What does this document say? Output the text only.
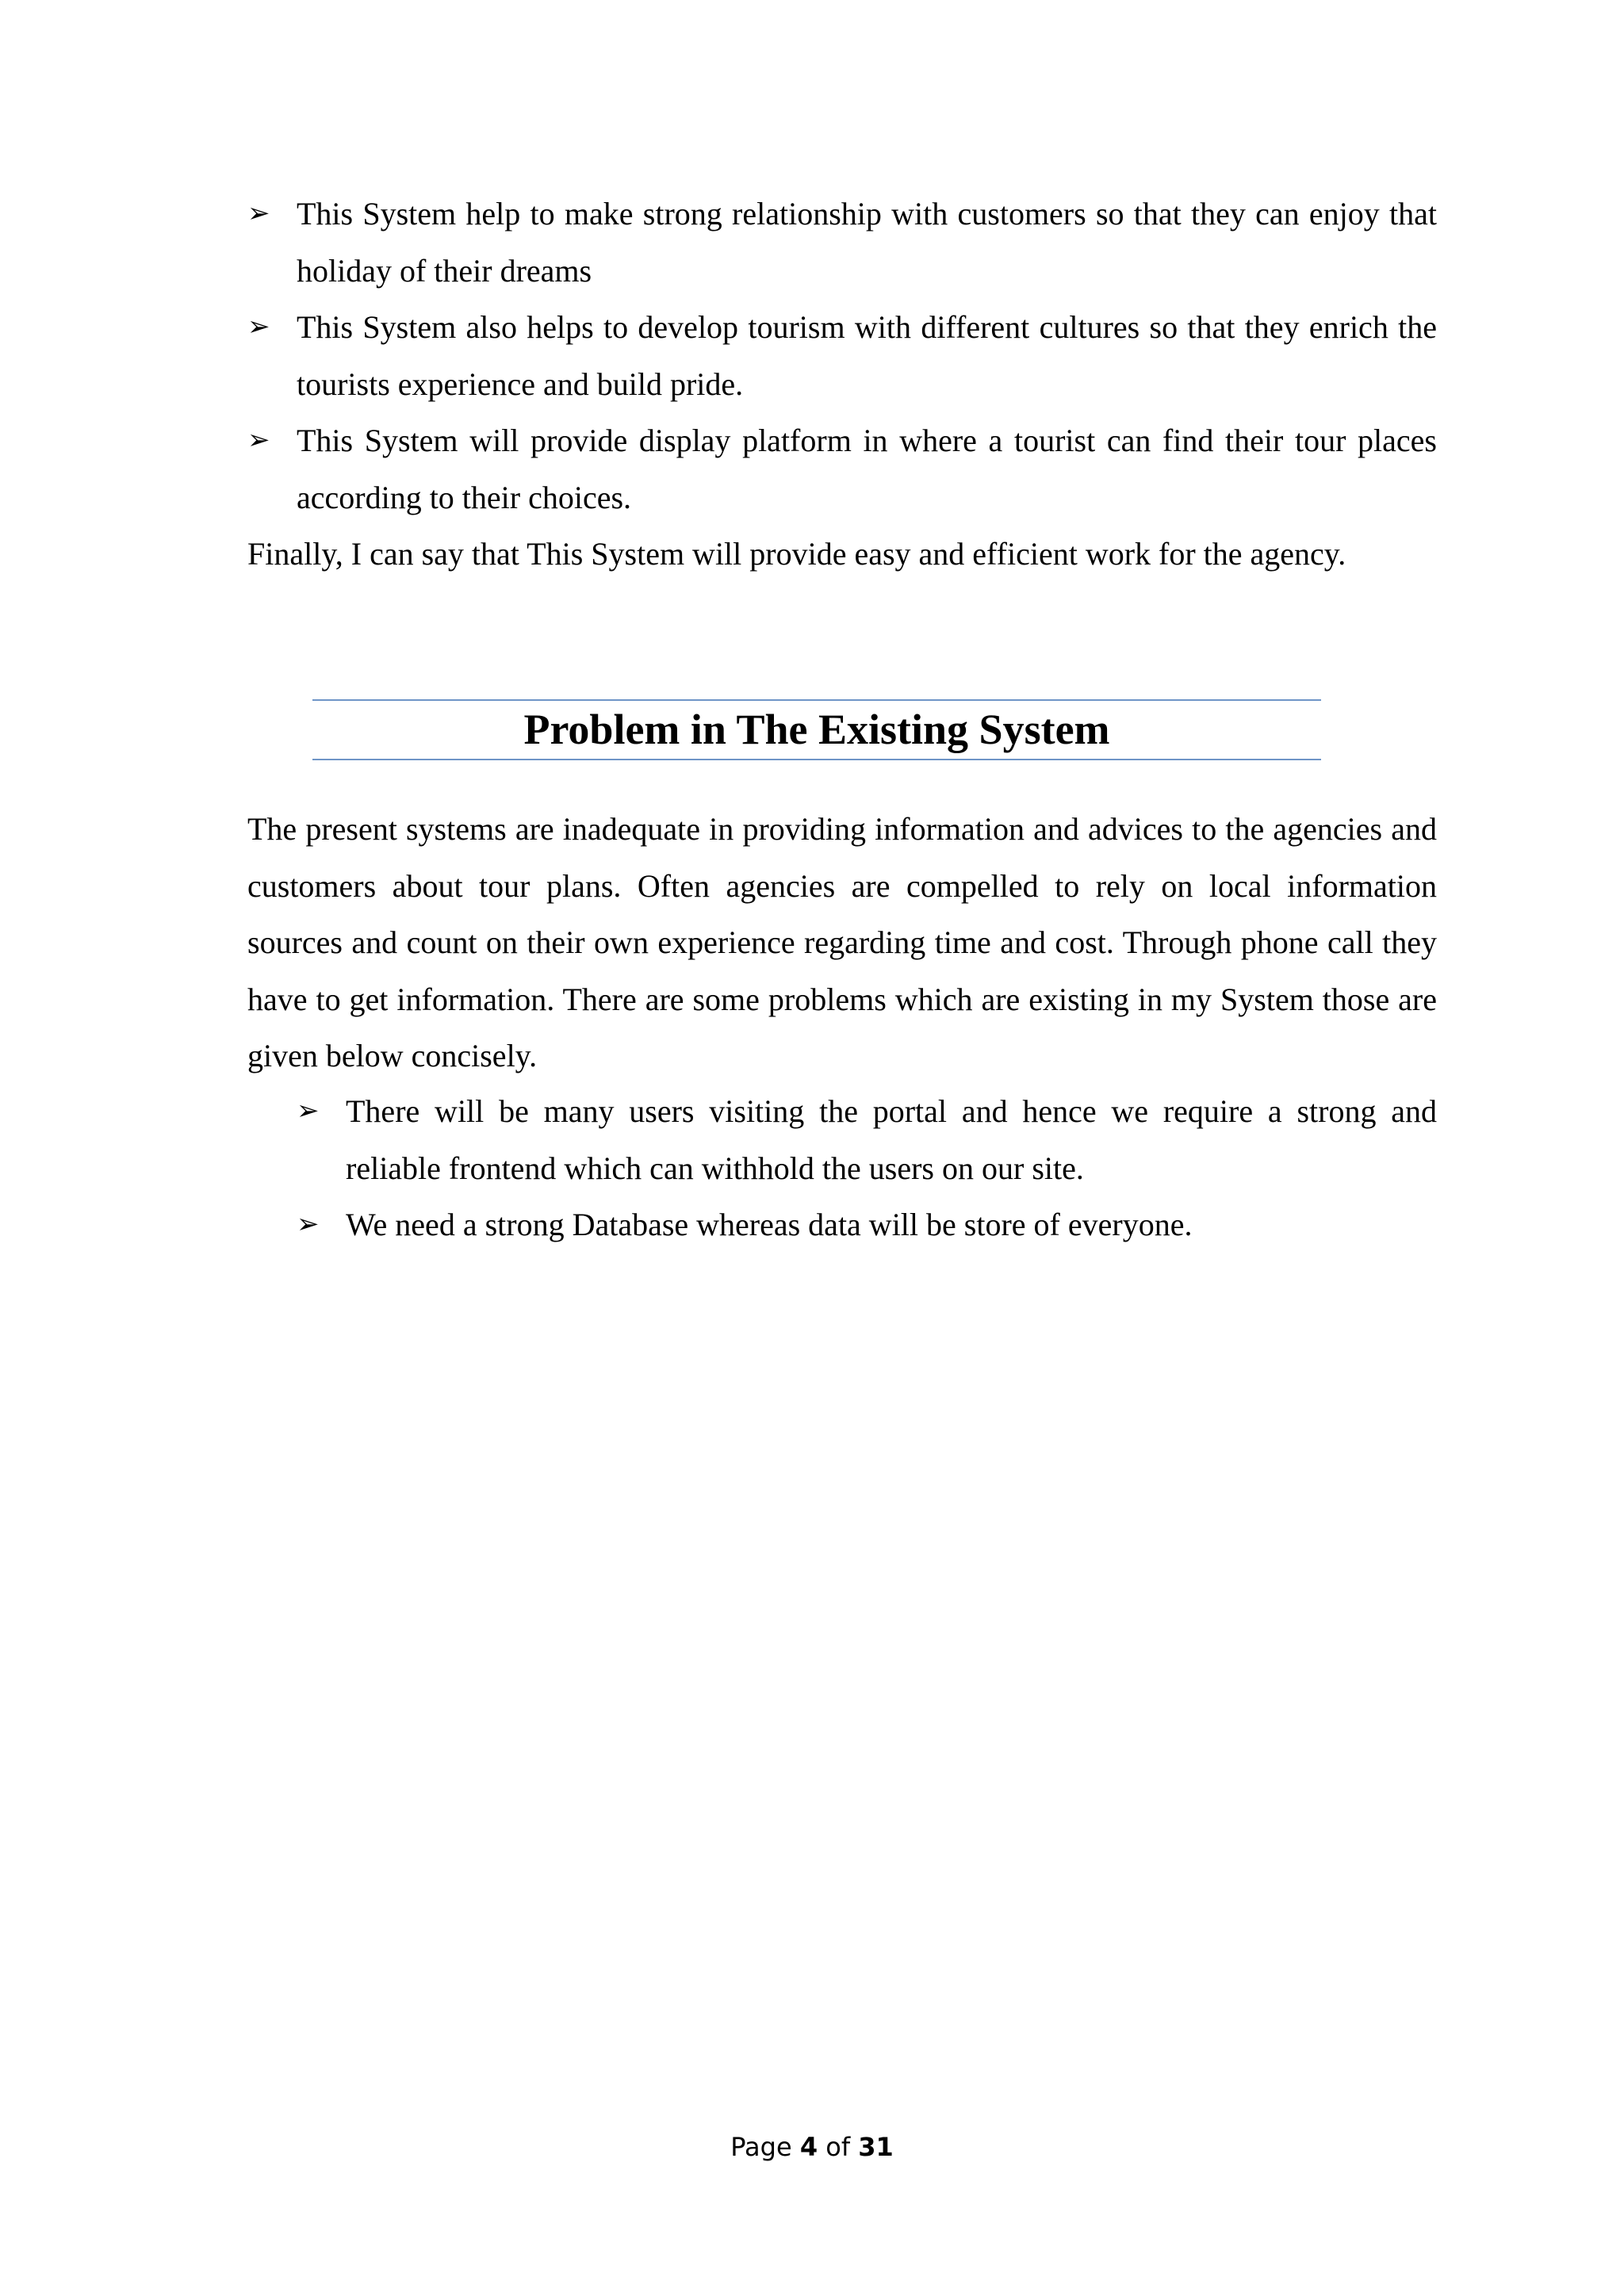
➢ This System help to make strong relationship with customers so that they can enjoy that holiday of their dreams
➢ This System also helps to develop tourism with different cultures so that they enrich the tourists experience and build pride.
➢ This System will provide display platform in where a tourist can find their tour places according to their choices.

Finally, I can say that This System will provide easy and efficient work for the agency.

Problem in The Existing System

The present systems are inadequate in providing information and advices to the agencies and customers about tour plans. Often agencies are compelled to rely on local information sources and count on their own experience regarding time and cost. Through phone call they have to get information. There are some problems which are existing in my System those are given below concisely.

➢ There will be many users visiting the portal and hence we require a strong and reliable frontend which can withhold the users on our site.
➢ We need a strong Database whereas data will be store of everyone.
Page 4 of 31
